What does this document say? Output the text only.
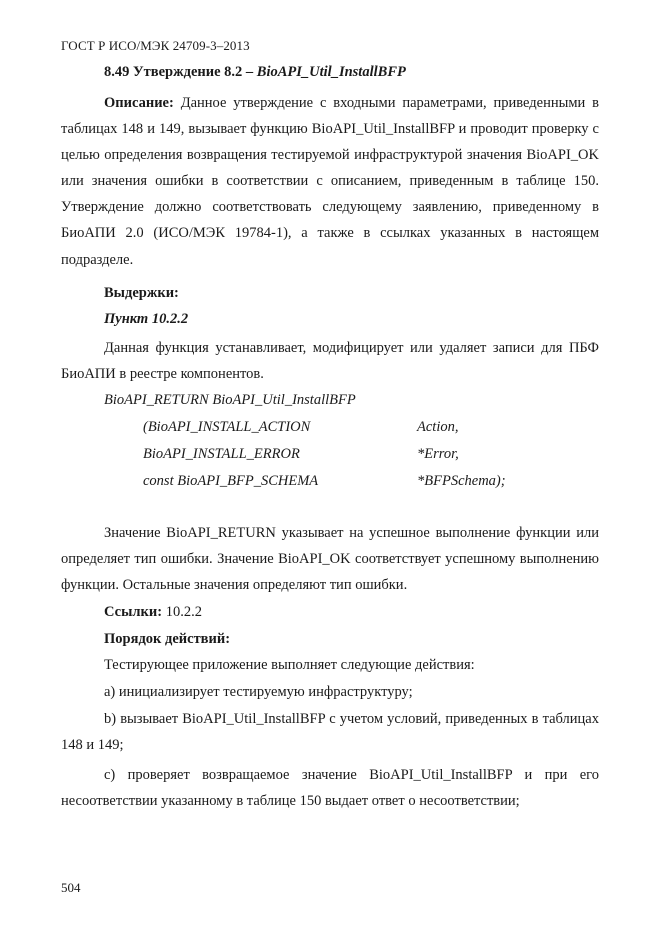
ГОСТ Р ИСО/МЭК 24709-3–2013
8.49 Утверждение 8.2 – BioAPI_Util_InstallBFP
Описание: Данное утверждение с входными параметрами, приведенными в таблицах 148 и 149, вызывает функцию BioAPI_Util_InstallBFP и проводит проверку с целью определения возвращения тестируемой инфраструктурой значения BioAPI_OK или значения ошибки в соответствии с описанием, приведенным в таблице 150. Утверждение должно соответствовать следующему заявлению, приведенному в БиоАПИ 2.0 (ИСО/МЭК 19784-1), а также в ссылках указанных в настоящем подразделе.
Выдержки:
Пункт 10.2.2
Данная функция устанавливает, модифицирует или удаляет записи для ПБФ БиоАПИ в реестре компонентов.
BioAPI_RETURN BioAPI_Util_InstallBFP
(BioAPI_INSTALL_ACTION	Action,
BioAPI_INSTALL_ERROR	*Error,
const BioAPI_BFP_SCHEMA	*BFPSchema);
Значение BioAPI_RETURN указывает на успешное выполнение функции или определяет тип ошибки. Значение BioAPI_OK соответствует успешному выполнению функции. Остальные значения определяют тип ошибки.
Ссылки: 10.2.2
Порядок действий:
Тестирующее приложение выполняет следующие действия:
a) инициализирует тестируемую инфраструктуру;
b) вызывает BioAPI_Util_InstallBFP с учетом условий, приведенных в таблицах 148 и 149;
c) проверяет возвращаемое значение BioAPI_Util_InstallBFP и при его несоответствии указанному в таблице 150 выдает ответ о несоответствии;
504
